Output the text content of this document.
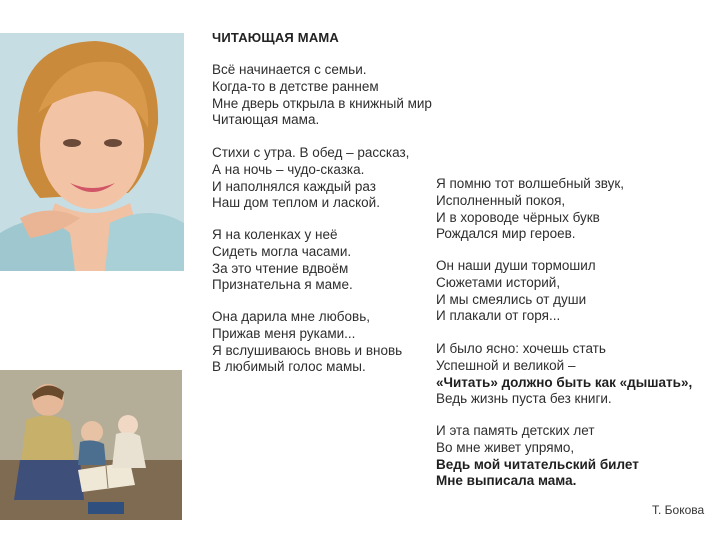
ЧИТАЮЩАЯ МАМА
Всё начинается с семьи.
Когда-то в детстве раннем
Мне дверь открыла в книжный мир
Читающая мама.
Стихи с утра. В обед – рассказ,
А на ночь – чудо-сказка.
И наполнялся каждый раз
Наш дом теплом и лаской.
Я на коленках у неё
Сидеть могла часами.
За это чтение вдвоём
Признательна я маме.
Она дарила мне любовь,
Прижав меня руками...
Я вслушиваюсь вновь и вновь
В любимый голос мамы.
Я помню тот волшебный звук,
Исполненный покоя,
И в хороводе чёрных букв
Рождался мир героев.
Он наши души тормошил
Сюжетами историй,
И мы смеялись от души
И плакали от горя...
И было ясно: хочешь стать
Успешной и великой –
«Читать» должно быть как «дышать»,
Ведь жизнь пуста без книги.
И эта память детских лет
Во мне живет упрямо,
Ведь мой читательский билет
Мне выписала мама.
Т. Бокова
